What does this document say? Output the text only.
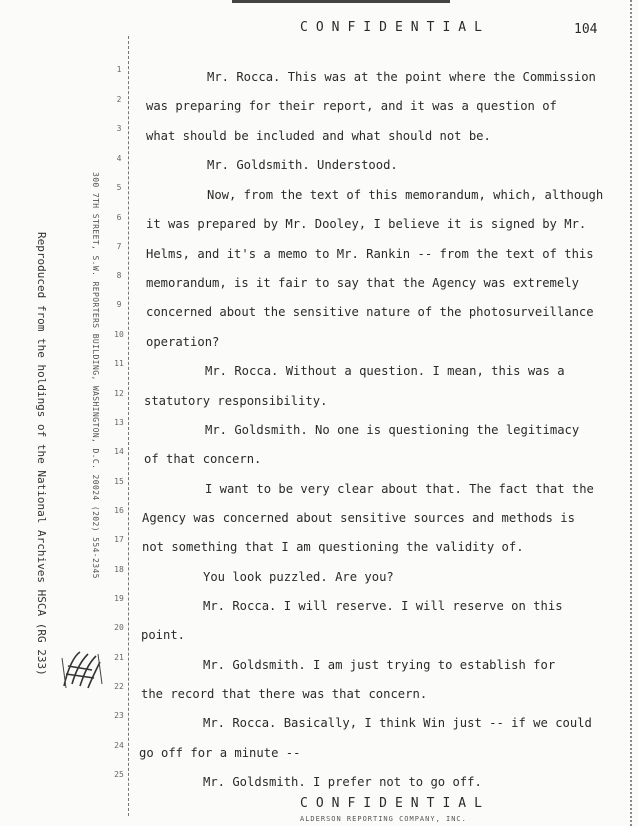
CONFIDENTIAL	104
Reproduced from the holdings of the National Archives HSCA (RG 233)	300 7TH STREET, S.W. REPORTERS BUILDING, WASHINGTON, D.C. 20024 (202) 554-2345
1
2
3
4
5
6
7
8
9
10
11
12
13
14
15
16
17
18
19
20
21
22
23
24
25
Mr. Rocca. This was at the point where the Commission
was preparing for their report, and it was a question of
what should be included and what should not be.
Mr. Goldsmith. Understood.
Now, from the text of this memorandum, which, although
it was prepared by Mr. Dooley, I believe it is signed by Mr.
Helms, and it's a memo to Mr. Rankin -- from the text of this
memorandum, is it fair to say that the Agency was extremely
concerned about the sensitive nature of the photosurveillance
operation?
Mr. Rocca. Without a question. I mean, this was a
statutory responsibility.
Mr. Goldsmith. No one is questioning the legitimacy
of that concern.
I want to be very clear about that. The fact that the
Agency was concerned about sensitive sources and methods is
not something that I am questioning the validity of.
You look puzzled. Are you?
Mr. Rocca. I will reserve. I will reserve on this
point.
Mr. Goldsmith. I am just trying to establish for
the record that there was that concern.
Mr. Rocca. Basically, I think Win just -- if we could
go off for a minute --
Mr. Goldsmith. I prefer not to go off.
CONFIDENTIAL
ALDERSON REPORTING COMPANY, INC.
